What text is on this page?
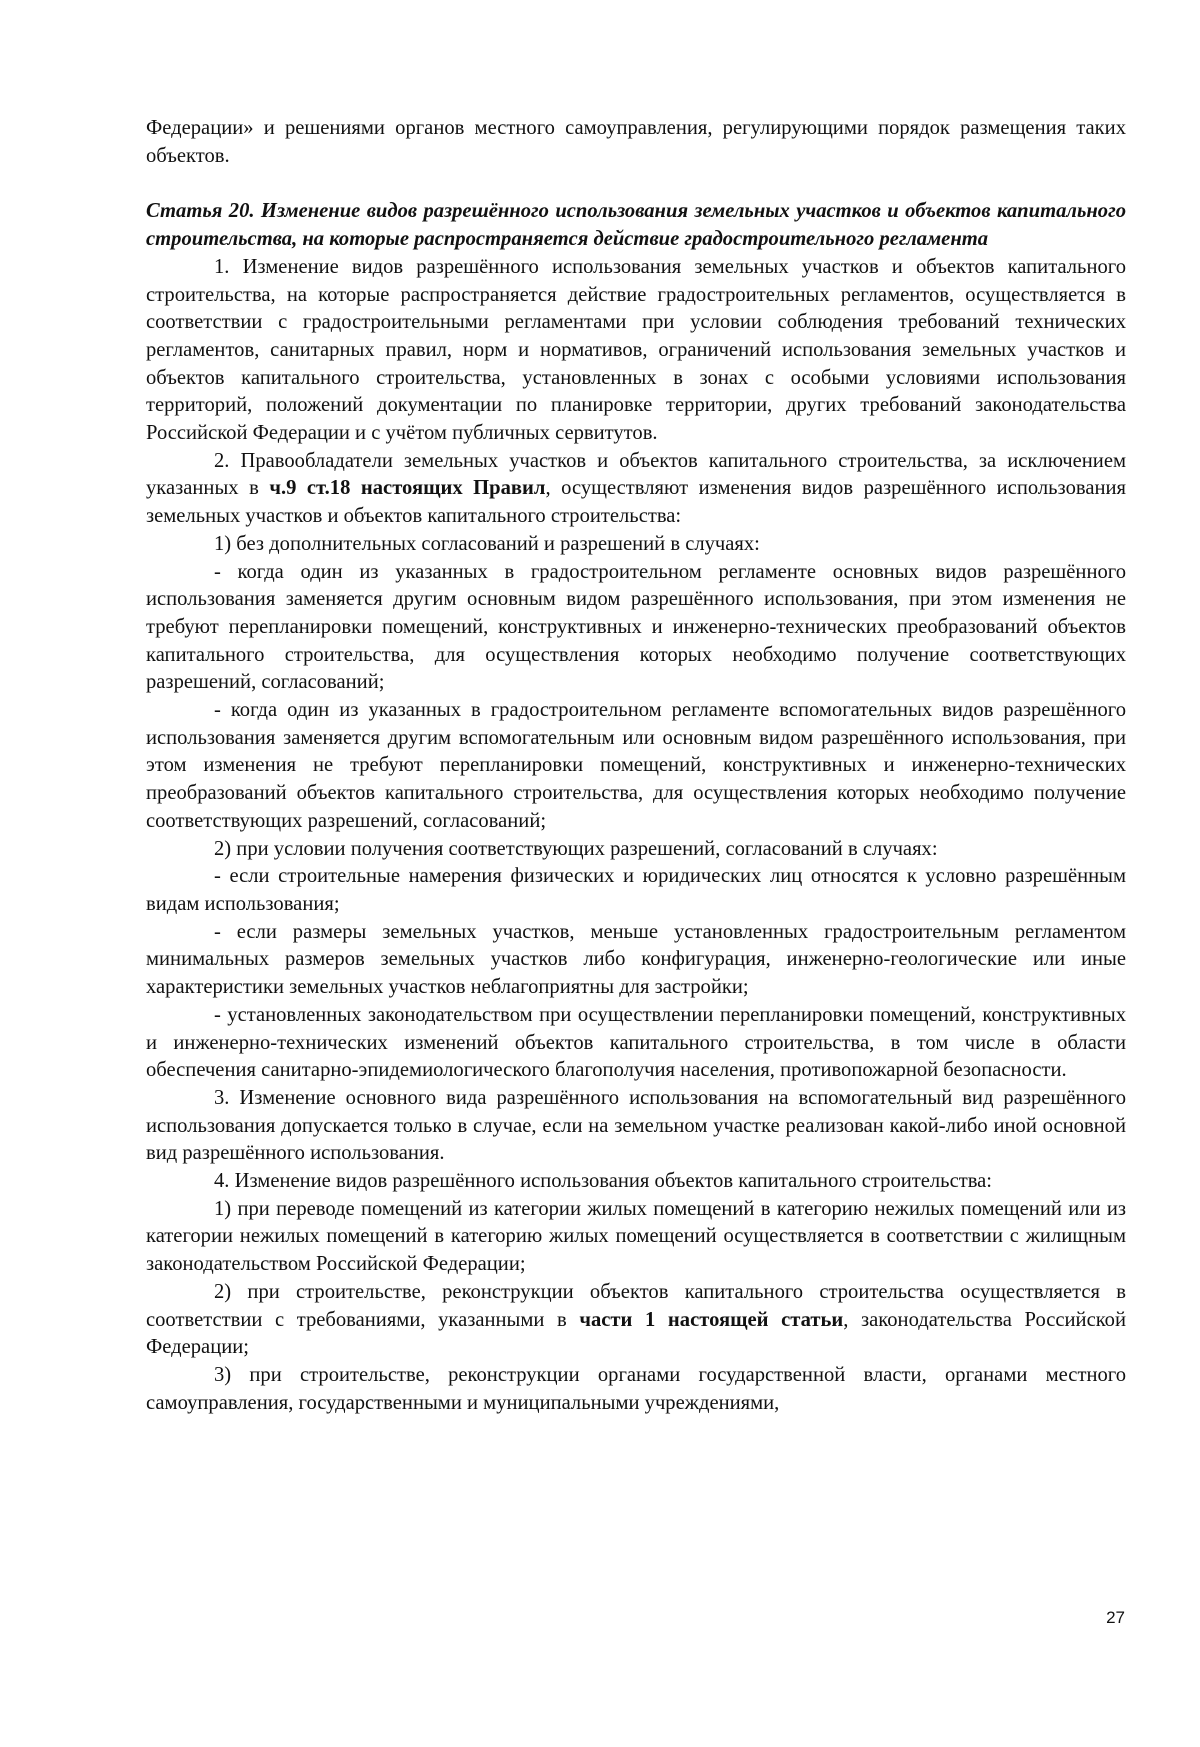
Федерации» и решениями органов местного самоуправления, регулирующими порядок размещения таких объектов.

Статья 20. Изменение видов разрешённого использования земельных участков и объектов капитального строительства, на которые распространяется действие градостроительного регламента

1. Изменение видов разрешённого использования земельных участков и объектов капитального строительства, на которые распространяется действие градостроительных регламентов, осуществляется в соответствии с градостроительными регламентами при условии соблюдения требований технических регламентов, санитарных правил, норм и нормативов, ограничений использования земельных участков и объектов капитального строительства, установленных в зонах с особыми условиями использования территорий, положений документации по планировке территории, других требований законодательства Российской Федерации и с учётом публичных сервитутов.

2. Правообладатели земельных участков и объектов капитального строительства, за исключением указанных в ч.9 ст.18 настоящих Правил, осуществляют изменения видов разрешённого использования земельных участков и объектов капитального строительства:

1) без дополнительных согласований и разрешений в случаях:

- когда один из указанных в градостроительном регламенте основных видов разрешённого использования заменяется другим основным видом разрешённого использования, при этом изменения не требуют перепланировки помещений, конструктивных и инженерно-технических преобразований объектов капитального строительства, для осуществления которых необходимо получение соответствующих разрешений, согласований;

- когда один из указанных в градостроительном регламенте вспомогательных видов разрешённого использования заменяется другим вспомогательным или основным видом разрешённого использования, при этом изменения не требуют перепланировки помещений, конструктивных и инженерно-технических преобразований объектов капитального строительства, для осуществления которых необходимо получение соответствующих разрешений, согласований;

2) при условии получения соответствующих разрешений, согласований в случаях:

- если строительные намерения физических и юридических лиц относятся к условно разрешённым видам использования;

- если размеры земельных участков, меньше установленных градостроительным регламентом минимальных размеров земельных участков либо конфигурация, инженерно-геологические или иные характеристики земельных участков неблагоприятны для застройки;

- установленных законодательством при осуществлении перепланировки помещений, конструктивных и инженерно-технических изменений объектов капитального строительства, в том числе в области обеспечения санитарно-эпидемиологического благополучия населения, противопожарной безопасности.

3. Изменение основного вида разрешённого использования на вспомогательный вид разрешённого использования допускается только в случае, если на земельном участке реализован какой-либо иной основной вид разрешённого использования.

4. Изменение видов разрешённого использования объектов капитального строительства:

1) при переводе помещений из категории жилых помещений в категорию нежилых помещений или из категории нежилых помещений в категорию жилых помещений осуществляется в соответствии с жилищным законодательством Российской Федерации;

2) при строительстве, реконструкции объектов капитального строительства осуществляется в соответствии с требованиями, указанными в части 1 настоящей статьи, законодательства Российской Федерации;

3) при строительстве, реконструкции органами государственной власти, органами местного самоуправления, государственными и муниципальными учреждениями,

27
